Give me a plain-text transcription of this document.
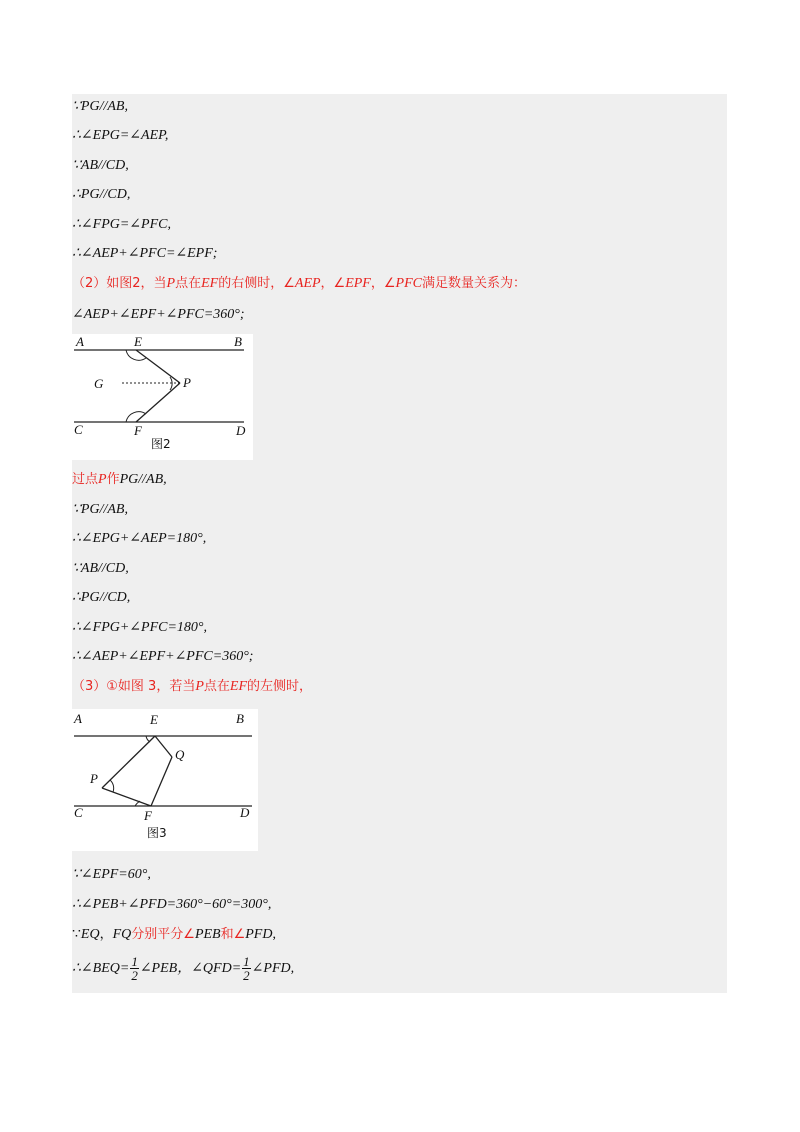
∵PG//AB,
∴∠EPG=∠AEP,
∵AB//CD,
∴PG//CD,
∴∠FPG=∠PFC,
∴∠AEP+∠PFC=∠EPF;
（2）如图2，当P点在EF的右侧时，∠AEP，∠EPF，∠PFC满足数量关系为：
∠AEP+∠EPF+∠PFC=360°;
A	B
E
G	P
C	F	D
图2
过点P作PG//AB,
∵PG//AB,
∴∠EPG+∠AEP=180°,
∵AB//CD,
∴PG//CD,
∴∠FPG+∠PFC=180°,
∴∠AEP+∠EPF+∠PFC=360°;
（3）①如图 3，若当P点在EF的左侧时，
A	B
E
Q
P
C	F	D
图3
∵∠EPF=60°,
∴∠PEB+∠PFD=360°−60°=300°,
∵EQ，FQ分别平分∠PEB和∠PFD,
∴∠BEQ= $\frac{1}{2}$ ∠PEB，∠QFD= $\frac{1}{2}$ ∠PFD,
